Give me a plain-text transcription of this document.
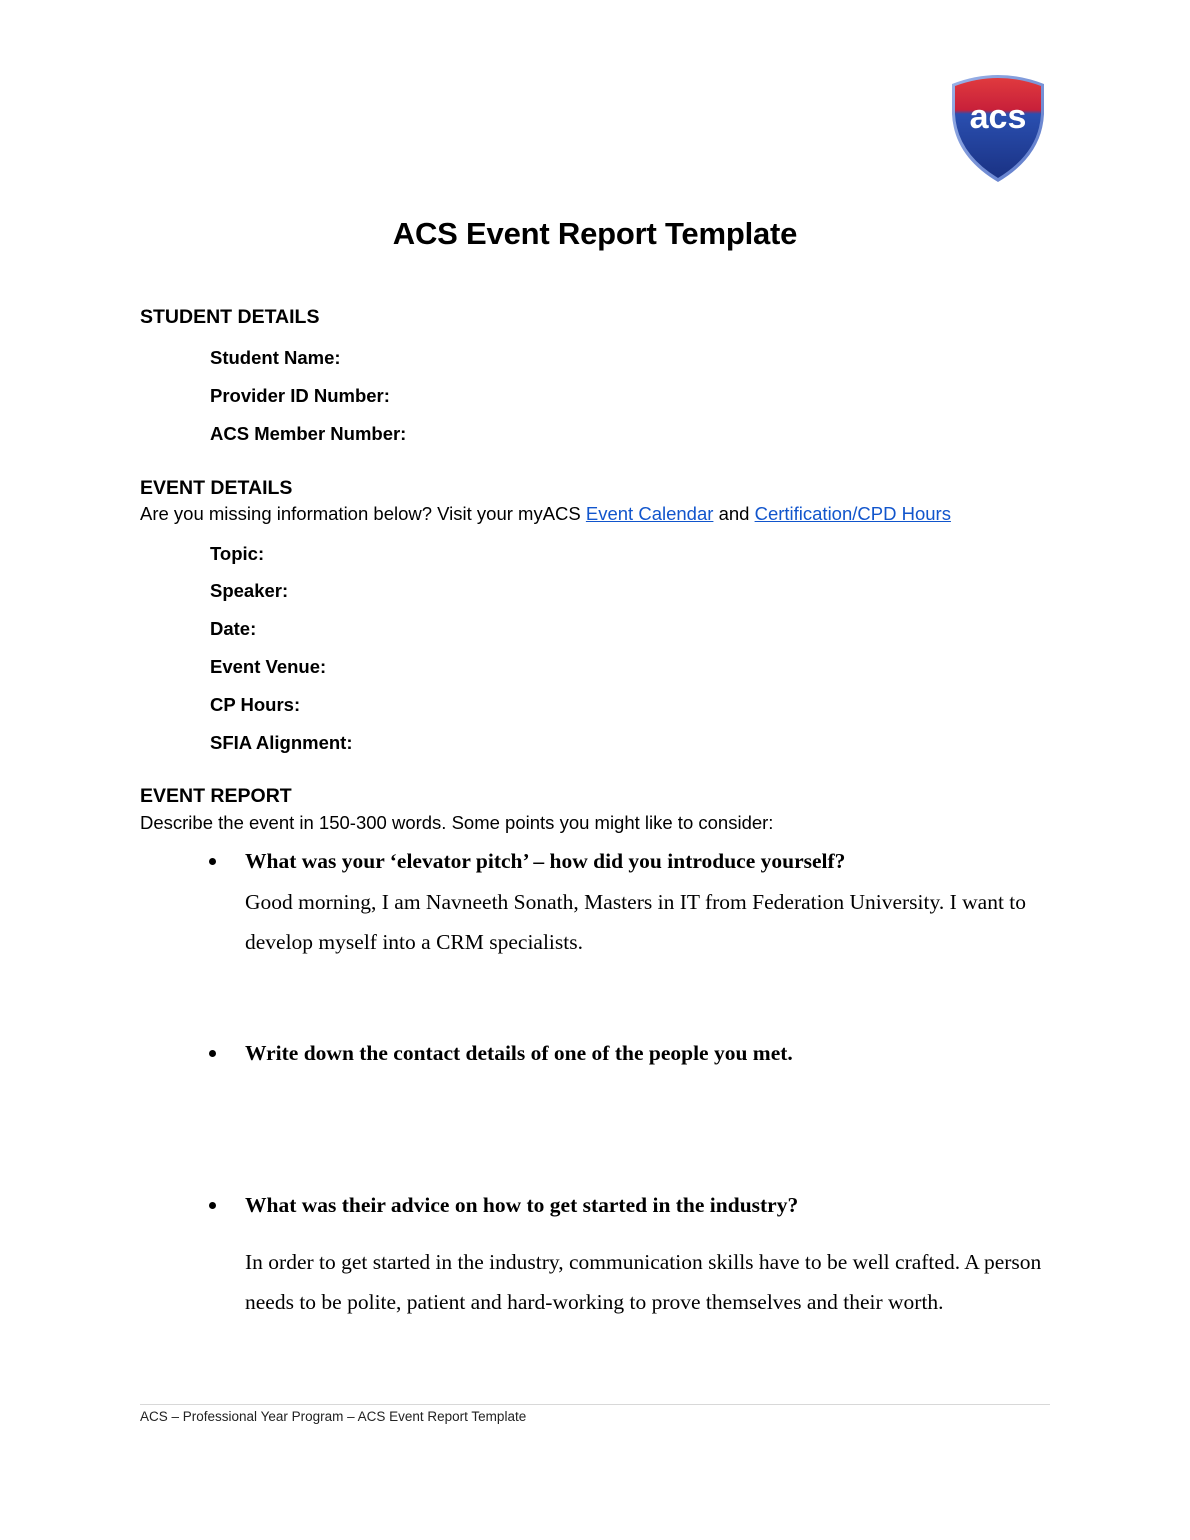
acs
ACS Event Report Template
STUDENT DETAILS
Student Name:
Provider ID Number:
ACS Member Number:
EVENT DETAILS
Are you missing information below? Visit your myACS Event Calendar and Certification/CPD Hours
Topic:
Speaker:
Date:
Event Venue:
CP Hours:
SFIA Alignment:
EVENT REPORT
Describe the event in 150-300 words. Some points you might like to consider:
What was your ‘elevator pitch’ – how did you introduce yourself?
Good morning, I am Navneeth Sonath, Masters in IT from Federation University. I want to develop myself into a CRM specialists.
Write down the contact details of one of the people you met.
What was their advice on how to get started in the industry?
In order to get started in the industry, communication skills have to be well crafted. A person needs to be polite, patient and hard-working to prove themselves and their worth.
ACS – Professional Year Program – ACS Event Report Template
